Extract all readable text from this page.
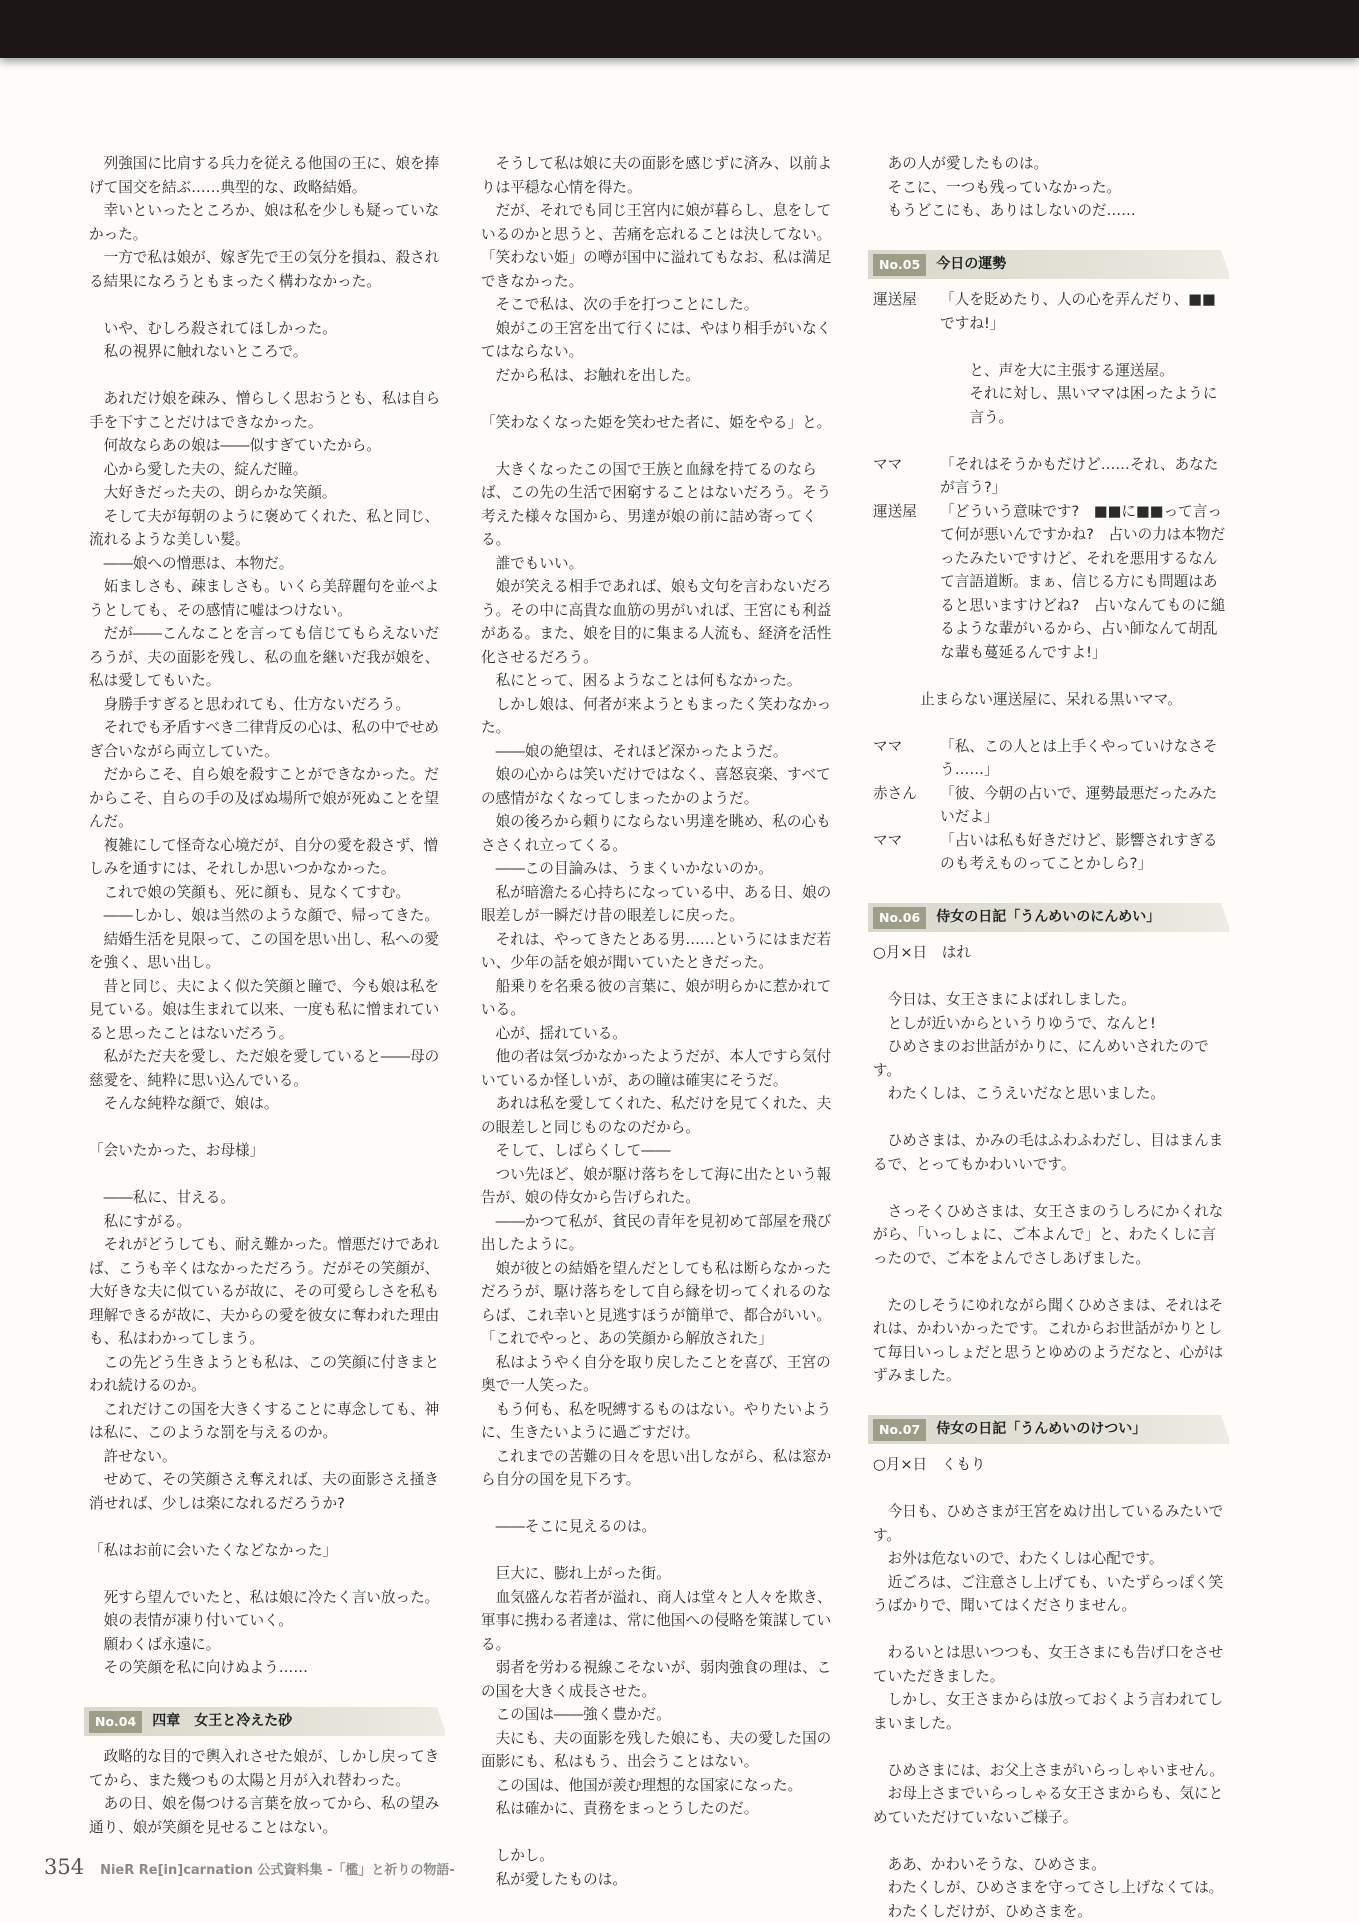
列強国に比肩する兵力を従える他国の王に、娘を捧げて国交を結ぶ……典型的な、政略結婚。

幸いといったところか、娘は私を少しも疑っていなかった。

一方で私は娘が、嫁ぎ先で王の気分を損ね、殺される結果になろうともまったく構わなかった。

いや、むしろ殺されてほしかった。

私の視界に触れないところで。

あれだけ娘を疎み、憎らしく思おうとも、私は自ら手を下すことだけはできなかった。

何故ならあの娘は――似すぎていたから。

心から愛した夫の、綻んだ瞳。

大好きだった夫の、朗らかな笑顔。

そして夫が毎朝のように褒めてくれた、私と同じ、流れるような美しい髪。

――娘への憎悪は、本物だ。

妬ましさも、疎ましさも。いくら美辞麗句を並べようとしても、その感情に嘘はつけない。

だが――こんなことを言っても信じてもらえないだろうが、夫の面影を残し、私の血を継いだ我が娘を、私は愛してもいた。

身勝手すぎると思われても、仕方ないだろう。

それでも矛盾すべき二律背反の心は、私の中でせめぎ合いながら両立していた。

だからこそ、自ら娘を殺すことができなかった。だからこそ、自らの手の及ばぬ場所で娘が死ぬことを望んだ。

複雑にして怪奇な心境だが、自分の愛を殺さず、憎しみを通すには、それしか思いつかなかった。

これで娘の笑顔も、死に顔も、見なくてすむ。

――しかし、娘は当然のような顔で、帰ってきた。

結婚生活を見限って、この国を思い出し、私への愛を強く、思い出し。

昔と同じ、夫によく似た笑顔と瞳で、今も娘は私を見ている。娘は生まれて以来、一度も私に憎まれていると思ったことはないだろう。

私がただ夫を愛し、ただ娘を愛していると――母の慈愛を、純粋に思い込んでいる。

そんな純粋な顔で、娘は。

「会いたかった、お母様」

――私に、甘える。

私にすがる。

それがどうしても、耐え難かった。憎悪だけであれば、こうも辛くはなかっただろう。だがその笑顔が、大好きな夫に似ているが故に、その可愛らしさを私も理解できるが故に、夫からの愛を彼女に奪われた理由も、私はわかってしまう。

この先どう生きようとも私は、この笑顔に付きまとわれ続けるのか。

これだけこの国を大きくすることに専念しても、神は私に、このような罰を与えるのか。

許せない。

せめて、その笑顔さえ奪えれば、夫の面影さえ掻き消せれば、少しは楽になれるだろうか?

「私はお前に会いたくなどなかった」

死すら望んでいたと、私は娘に冷たく言い放った。

娘の表情が凍り付いていく。

願わくば永遠に。

その笑顔を私に向けぬよう……

No.04	四章　女王と冷えた砂

政略的な目的で輿入れさせた娘が、しかし戻ってきてから、また幾つもの太陽と月が入れ替わった。

あの日、娘を傷つける言葉を放ってから、私の望み通り、娘が笑顔を見せることはない。

そうして私は娘に夫の面影を感じずに済み、以前よりは平穏な心情を得た。

だが、それでも同じ王宮内に娘が暮らし、息をしているのかと思うと、苦痛を忘れることは決してない。

「笑わない姫」の噂が国中に溢れてもなお、私は満足できなかった。

そこで私は、次の手を打つことにした。

娘がこの王宮を出て行くには、やはり相手がいなくてはならない。

だから私は、お触れを出した。

「笑わなくなった姫を笑わせた者に、姫をやる」と。

大きくなったこの国で王族と血縁を持てるのならば、この先の生活で困窮することはないだろう。そう考えた様々な国から、男達が娘の前に詰め寄ってくる。

誰でもいい。

娘が笑える相手であれば、娘も文句を言わないだろう。その中に高貴な血筋の男がいれば、王宮にも利益がある。また、娘を目的に集まる人流も、経済を活性化させるだろう。

私にとって、困るようなことは何もなかった。

しかし娘は、何者が来ようともまったく笑わなかった。

――娘の絶望は、それほど深かったようだ。

娘の心からは笑いだけではなく、喜怒哀楽、すべての感情がなくなってしまったかのようだ。

娘の後ろから頼りにならない男達を眺め、私の心もささくれ立ってくる。

――この目論みは、うまくいかないのか。

私が暗澹たる心持ちになっている中、ある日、娘の眼差しが一瞬だけ昔の眼差しに戻った。

それは、やってきたとある男……というにはまだ若い、少年の話を娘が聞いていたときだった。

船乗りを名乗る彼の言葉に、娘が明らかに惹かれている。

心が、揺れている。

他の者は気づかなかったようだが、本人ですら気付いているか怪しいが、あの瞳は確実にそうだ。

あれは私を愛してくれた、私だけを見てくれた、夫の眼差しと同じものなのだから。

そして、しばらくして――

つい先ほど、娘が駆け落ちをして海に出たという報告が、娘の侍女から告げられた。

――かつて私が、貧民の青年を見初めて部屋を飛び出したように。

娘が彼との結婚を望んだとしても私は断らなかっただろうが、駆け落ちをして自ら縁を切ってくれるのならば、これ幸いと見逃すほうが簡単で、都合がいい。

「これでやっと、あの笑顔から解放された」

私はようやく自分を取り戻したことを喜び、王宮の奥で一人笑った。

もう何も、私を呪縛するものはない。やりたいように、生きたいように過ごすだけ。

これまでの苦難の日々を思い出しながら、私は窓から自分の国を見下ろす。

――そこに見えるのは。

巨大に、膨れ上がった街。

血気盛んな若者が溢れ、商人は堂々と人々を欺き、軍事に携わる者達は、常に他国への侵略を策謀している。

弱者を労わる視線こそないが、弱肉強食の理は、この国を大きく成長させた。

この国は――強く豊かだ。

夫にも、夫の面影を残した娘にも、夫の愛した国の面影にも、私はもう、出会うことはない。

この国は、他国が羨む理想的な国家になった。

私は確かに、責務をまっとうしたのだ。

しかし。

私が愛したものは。

あの人が愛したものは。

そこに、一つも残っていなかった。

もうどこにも、ありはしないのだ……

No.05	今日の運勢
運送屋	「人を貶めたり、人の心を弄んだり、■■ですね!」

と、声を大に主張する運送屋。

それに対し、黒いママは困ったように言う。

ママ	「それはそうかもだけど……それ、あなたが言う?」
運送屋	「どういう意味です?　■■に■■って言って何が悪いんですかね?　占いの力は本物だったみたいですけど、それを悪用するなんて言語道断。まぁ、信じる方にも問題はあると思いますけどね?　占いなんてものに縋るような輩がいるから、占い師なんて胡乱な輩も蔓延るんですよ!」

止まらない運送屋に、呆れる黒いママ。

ママ	「私、この人とは上手くやっていけなさそう……」
赤さん	「彼、今朝の占いで、運勢最悪だったみたいだよ」
ママ	「占いは私も好きだけど、影響されすぎるのも考えものってことかしら?」
No.06	侍女の日記「うんめいのにんめい」

○月×日　はれ

今日は、女王さまによばれしました。

としが近いからというりゆうで、なんと!

ひめさまのお世話がかりに、にんめいされたのです。

わたくしは、こうえいだなと思いました。

ひめさまは、かみの毛はふわふわだし、目はまんまるで、とってもかわいいです。

さっそくひめさまは、女王さまのうしろにかくれながら、「いっしょに、ご本よんで」と、わたくしに言ったので、ご本をよんでさしあげました。

たのしそうにゆれながら聞くひめさまは、それはそれは、かわいかったです。これからお世話がかりとして毎日いっしょだと思うとゆめのようだなと、心がはずみました。

No.07	侍女の日記「うんめいのけつい」

○月×日　くもり

今日も、ひめさまが王宮をぬけ出しているみたいです。

お外は危ないので、わたくしは心配です。

近ごろは、ご注意さし上げても、いたずらっぽく笑うばかりで、聞いてはくださりません。

わるいとは思いつつも、女王さまにも告げ口をさせていただきました。

しかし、女王さまからは放っておくよう言われてしまいました。

ひめさまには、お父上さまがいらっしゃいません。

お母上さまでいらっしゃる女王さまからも、気にとめていただけていないご様子。

ああ、かわいそうな、ひめさま。

わたくしが、ひめさまを守ってさし上げなくては。

わたくしだけが、ひめさまを。

354 NieR Re[in]carnation 公式資料集 -「檻」と祈りの物語-
